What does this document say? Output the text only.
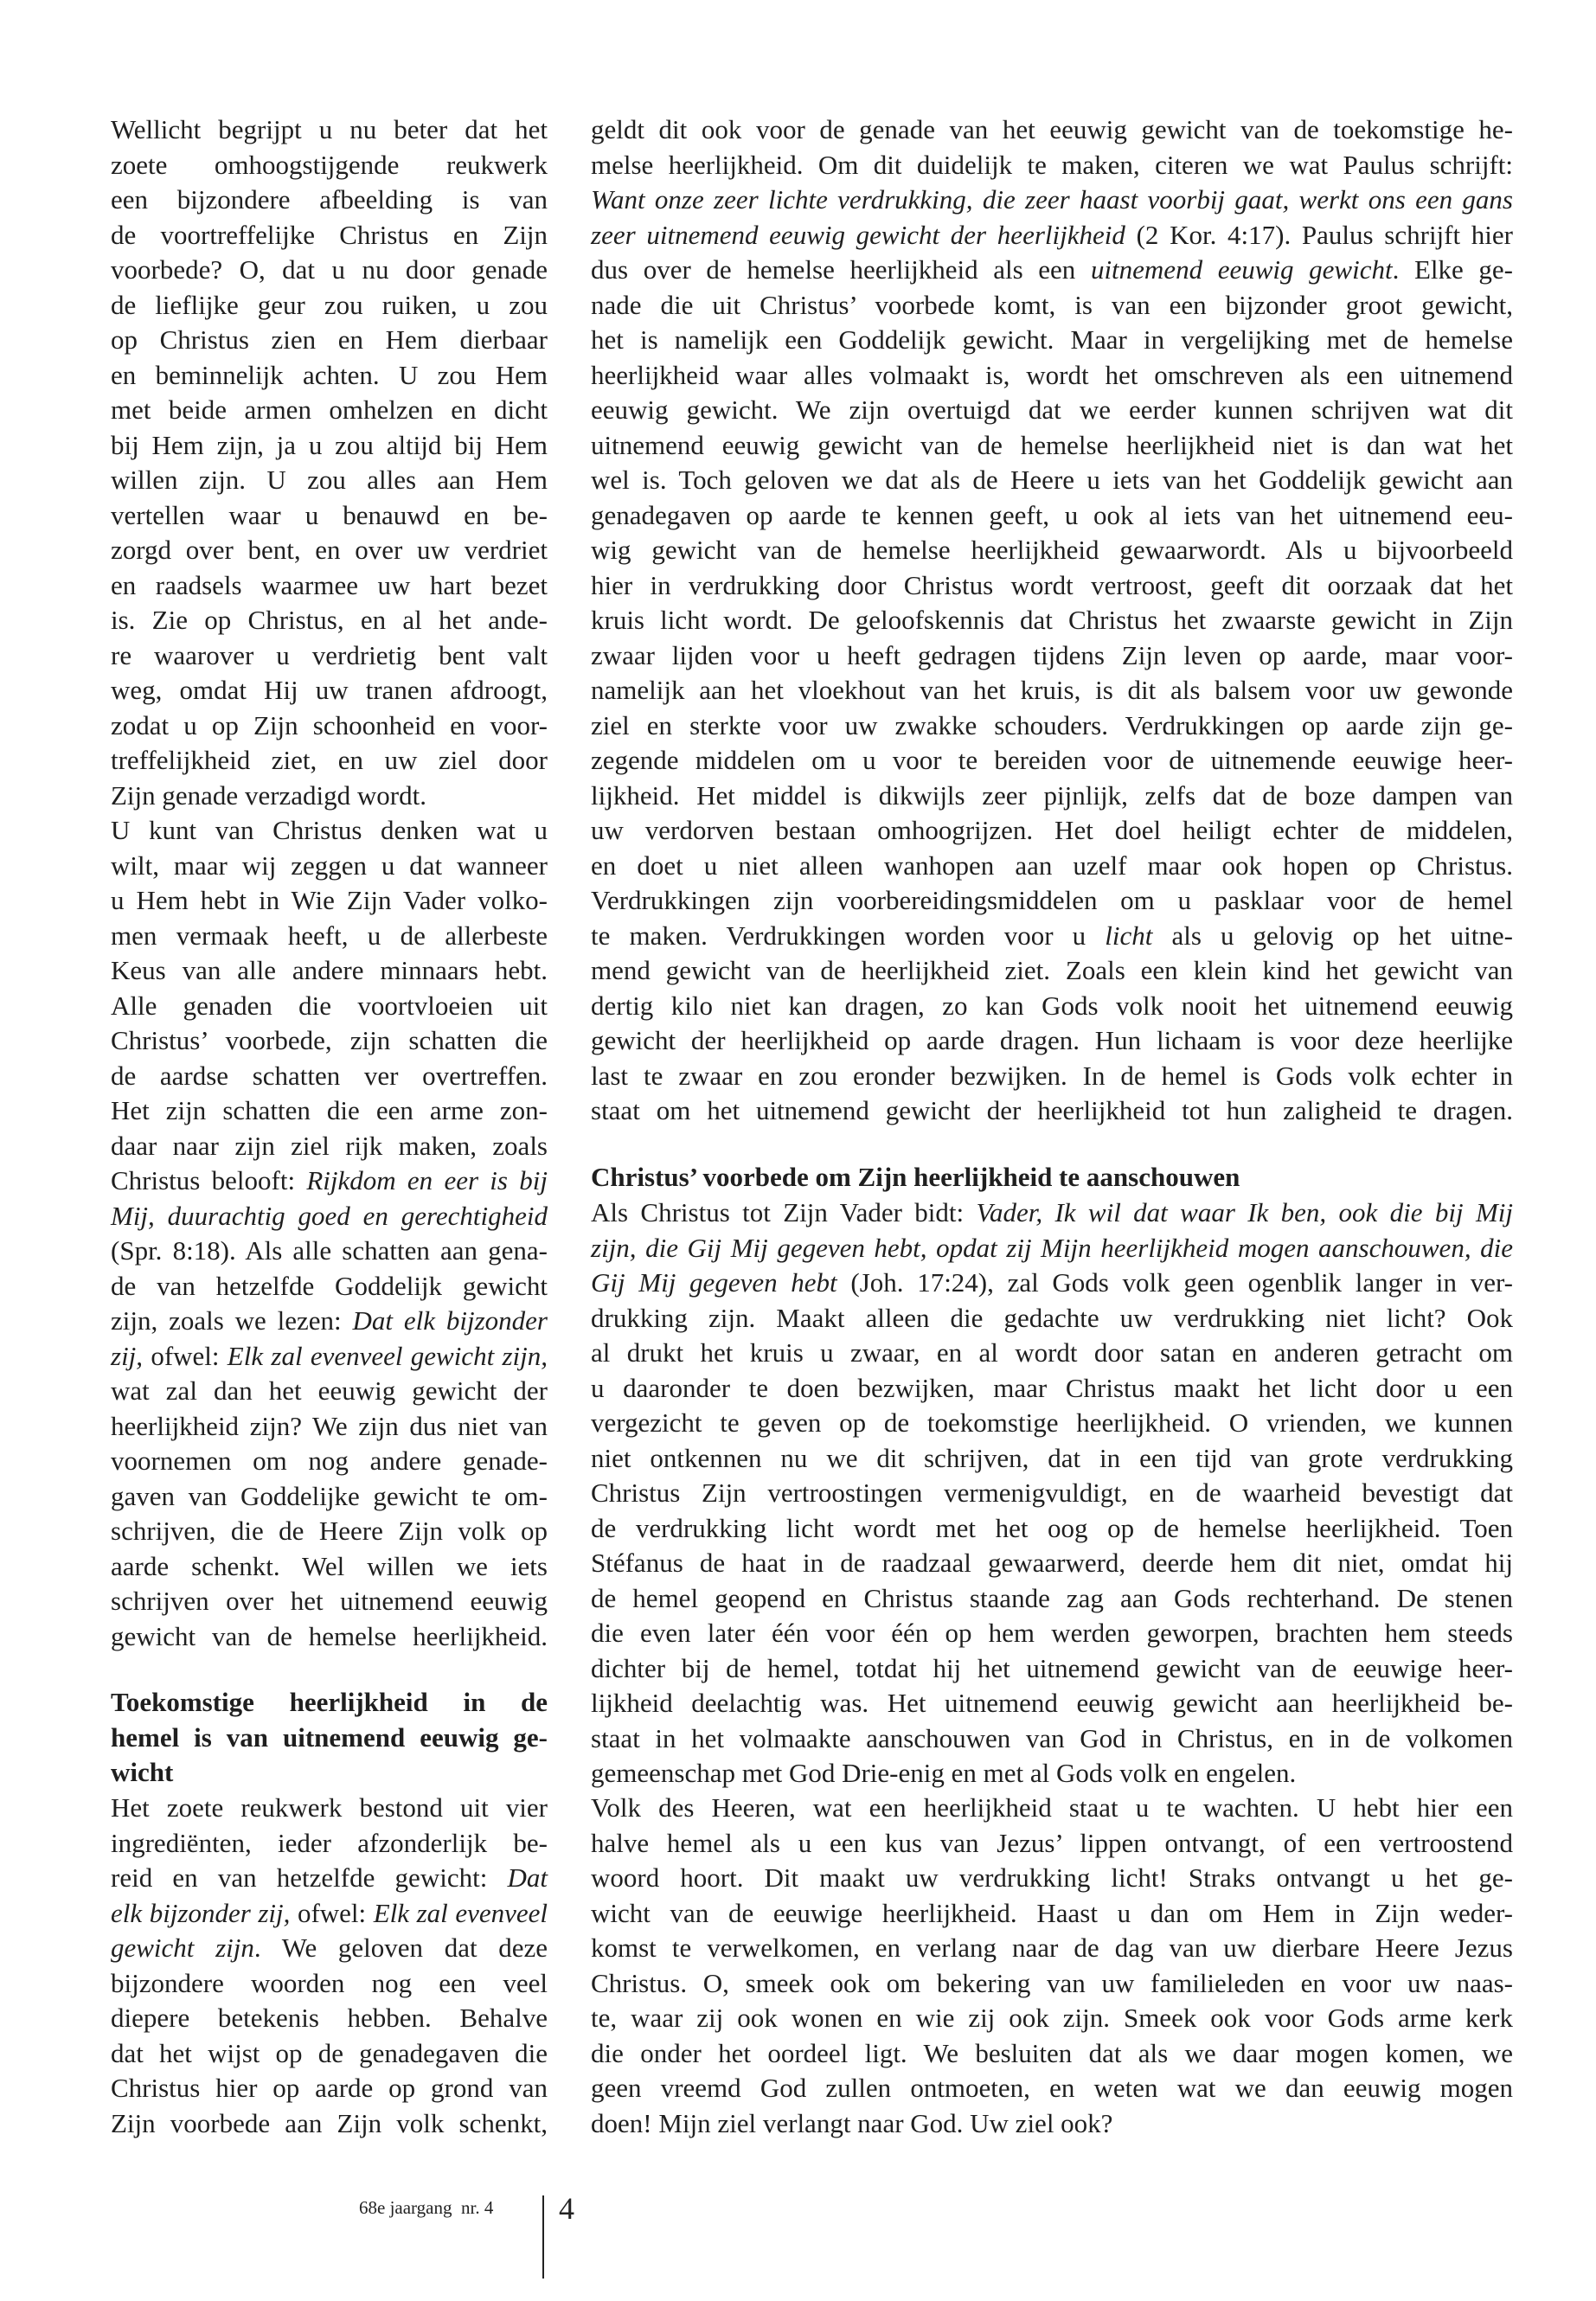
Wellicht begrijpt u nu beter dat het
zoete omhoogstijgende reukwerk
een bijzondere afbeelding is van
de voortreffelijke Christus en Zijn
voorbede? O, dat u nu door genade
de lieflijke geur zou ruiken, u zou
op Christus zien en Hem dierbaar
en beminnelijk achten. U zou Hem
met beide armen omhelzen en dicht
bij Hem zijn, ja u zou altijd bij Hem
willen zijn. U zou alles aan Hem
vertellen waar u benauwd en be-
zorgd over bent, en over uw verdriet
en raadsels waarmee uw hart bezet
is. Zie op Christus, en al het ande-
re waarover u verdrietig bent valt
weg, omdat Hij uw tranen afdroogt,
zodat u op Zijn schoonheid en voor-
treffelijkheid ziet, en uw ziel door
Zijn genade verzadigd wordt.
U kunt van Christus denken wat u
wilt, maar wij zeggen u dat wanneer
u Hem hebt in Wie Zijn Vader volko-
men vermaak heeft, u de allerbeste
Keus van alle andere minnaars hebt.
Alle genaden die voortvloeien uit
Christus’ voorbede, zijn schatten die
de aardse schatten ver overtreffen.
Het zijn schatten die een arme zon-
daar naar zijn ziel rijk maken, zoals
Christus belooft: Rijkdom en eer is bij
Mij, duurachtig goed en gerechtigheid
(Spr. 8:18). Als alle schatten aan gena-
de van hetzelfde Goddelijk gewicht
zijn, zoals we lezen: Dat elk bijzonder
zij, ofwel: Elk zal evenveel gewicht zijn,
wat zal dan het eeuwig gewicht der
heerlijkheid zijn? We zijn dus niet van
voornemen om nog andere genade-
gaven van Goddelijke gewicht te om-
schrijven, die de Heere Zijn volk op
aarde schenkt. Wel willen we iets
schrijven over het uitnemend eeuwig
gewicht van de hemelse heerlijkheid.
Toekomstige heerlijkheid in de
hemel is van uitnemend eeuwig ge-
wicht
Het zoete reukwerk bestond uit vier
ingrediënten, ieder afzonderlijk be-
reid en van hetzelfde gewicht: Dat
elk bijzonder zij, ofwel: Elk zal evenveel
gewicht zijn. We geloven dat deze
bijzondere woorden nog een veel
diepere betekenis hebben. Behalve
dat het wijst op de genadegaven die
Christus hier op aarde op grond van
Zijn voorbede aan Zijn volk schenkt,
geldt dit ook voor de genade van het eeuwig gewicht van de toekomstige he-
melse heerlijkheid. Om dit duidelijk te maken, citeren we wat Paulus schrijft:
Want onze zeer lichte verdrukking, die zeer haast voorbij gaat, werkt ons een gans
zeer uitnemend eeuwig gewicht der heerlijkheid (2 Kor. 4:17). Paulus schrijft hier
dus over de hemelse heerlijkheid als een uitnemend eeuwig gewicht. Elke ge-
nade die uit Christus’ voorbede komt, is van een bijzonder groot gewicht,
het is namelijk een Goddelijk gewicht. Maar in vergelijking met de hemelse
heerlijkheid waar alles volmaakt is, wordt het omschreven als een uitnemend
eeuwig gewicht. We zijn overtuigd dat we eerder kunnen schrijven wat dit
uitnemend eeuwig gewicht van de hemelse heerlijkheid niet is dan wat het
wel is. Toch geloven we dat als de Heere u iets van het Goddelijk gewicht aan
genadegaven op aarde te kennen geeft, u ook al iets van het uitnemend eeu-
wig gewicht van de hemelse heerlijkheid gewaarwordt. Als u bijvoorbeeld
hier in verdrukking door Christus wordt vertroost, geeft dit oorzaak dat het
kruis licht wordt. De geloofskennis dat Christus het zwaarste gewicht in Zijn
zwaar lijden voor u heeft gedragen tijdens Zijn leven op aarde, maar voor-
namelijk aan het vloekhout van het kruis, is dit als balsem voor uw gewonde
ziel en sterkte voor uw zwakke schouders. Verdrukkingen op aarde zijn ge-
zegende middelen om u voor te bereiden voor de uitnemende eeuwige heer-
lijkheid. Het middel is dikwijls zeer pijnlijk, zelfs dat de boze dampen van
uw verdorven bestaan omhoogrijzen. Het doel heiligt echter de middelen,
en doet u niet alleen wanhopen aan uzelf maar ook hopen op Christus.
Verdrukkingen zijn voorbereidingsmiddelen om u pasklaar voor de hemel
te maken. Verdrukkingen worden voor u licht als u gelovig op het uitne-
mend gewicht van de heerlijkheid ziet. Zoals een klein kind het gewicht van
dertig kilo niet kan dragen, zo kan Gods volk nooit het uitnemend eeuwig
gewicht der heerlijkheid op aarde dragen. Hun lichaam is voor deze heerlijke
last te zwaar en zou eronder bezwijken. In de hemel is Gods volk echter in
staat om het uitnemend gewicht der heerlijkheid tot hun zaligheid te dragen.
Christus’ voorbede om Zijn heerlijkheid te aanschouwen
Als Christus tot Zijn Vader bidt: Vader, Ik wil dat waar Ik ben, ook die bij Mij
zijn, die Gij Mij gegeven hebt, opdat zij Mijn heerlijkheid mogen aanschouwen, die
Gij Mij gegeven hebt (Joh. 17:24), zal Gods volk geen ogenblik langer in ver-
drukking zijn. Maakt alleen die gedachte uw verdrukking niet licht? Ook
al drukt het kruis u zwaar, en al wordt door satan en anderen getracht om
u daaronder te doen bezwijken, maar Christus maakt het licht door u een
vergezicht te geven op de toekomstige heerlijkheid. O vrienden, we kunnen
niet ontkennen nu we dit schrijven, dat in een tijd van grote verdrukking
Christus Zijn vertroostingen vermenigvuldigt, en de waarheid bevestigt dat
de verdrukking licht wordt met het oog op de hemelse heerlijkheid. Toen
Stéfanus de haat in de raadzaal gewaarwerd, deerde hem dit niet, omdat hij
de hemel geopend en Christus staande zag aan Gods rechterhand. De stenen
die even later één voor één op hem werden geworpen, brachten hem steeds
dichter bij de hemel, totdat hij het uitnemend gewicht van de eeuwige heer-
lijkheid deelachtig was. Het uitnemend eeuwig gewicht aan heerlijkheid be-
staat in het volmaakte aanschouwen van God in Christus, en in de volkomen
gemeenschap met God Drie-enig en met al Gods volk en engelen.
Volk des Heeren, wat een heerlijkheid staat u te wachten. U hebt hier een
halve hemel als u een kus van Jezus’ lippen ontvangt, of een vertroostend
woord hoort. Dit maakt uw verdrukking licht! Straks ontvangt u het ge-
wicht van de eeuwige heerlijkheid. Haast u dan om Hem in Zijn weder-
komst te verwelkomen, en verlang naar de dag van uw dierbare Heere Jezus
Christus. O, smeek ook om bekering van uw familieleden en voor uw naas-
te, waar zij ook wonen en wie zij ook zijn. Smeek ook voor Gods arme kerk
die onder het oordeel ligt. We besluiten dat als we daar mogen komen, we
geen vreemd God zullen ontmoeten, en weten wat we dan eeuwig mogen
doen! Mijn ziel verlangt naar God. Uw ziel ook?
68e jaargang  nr. 4 4
